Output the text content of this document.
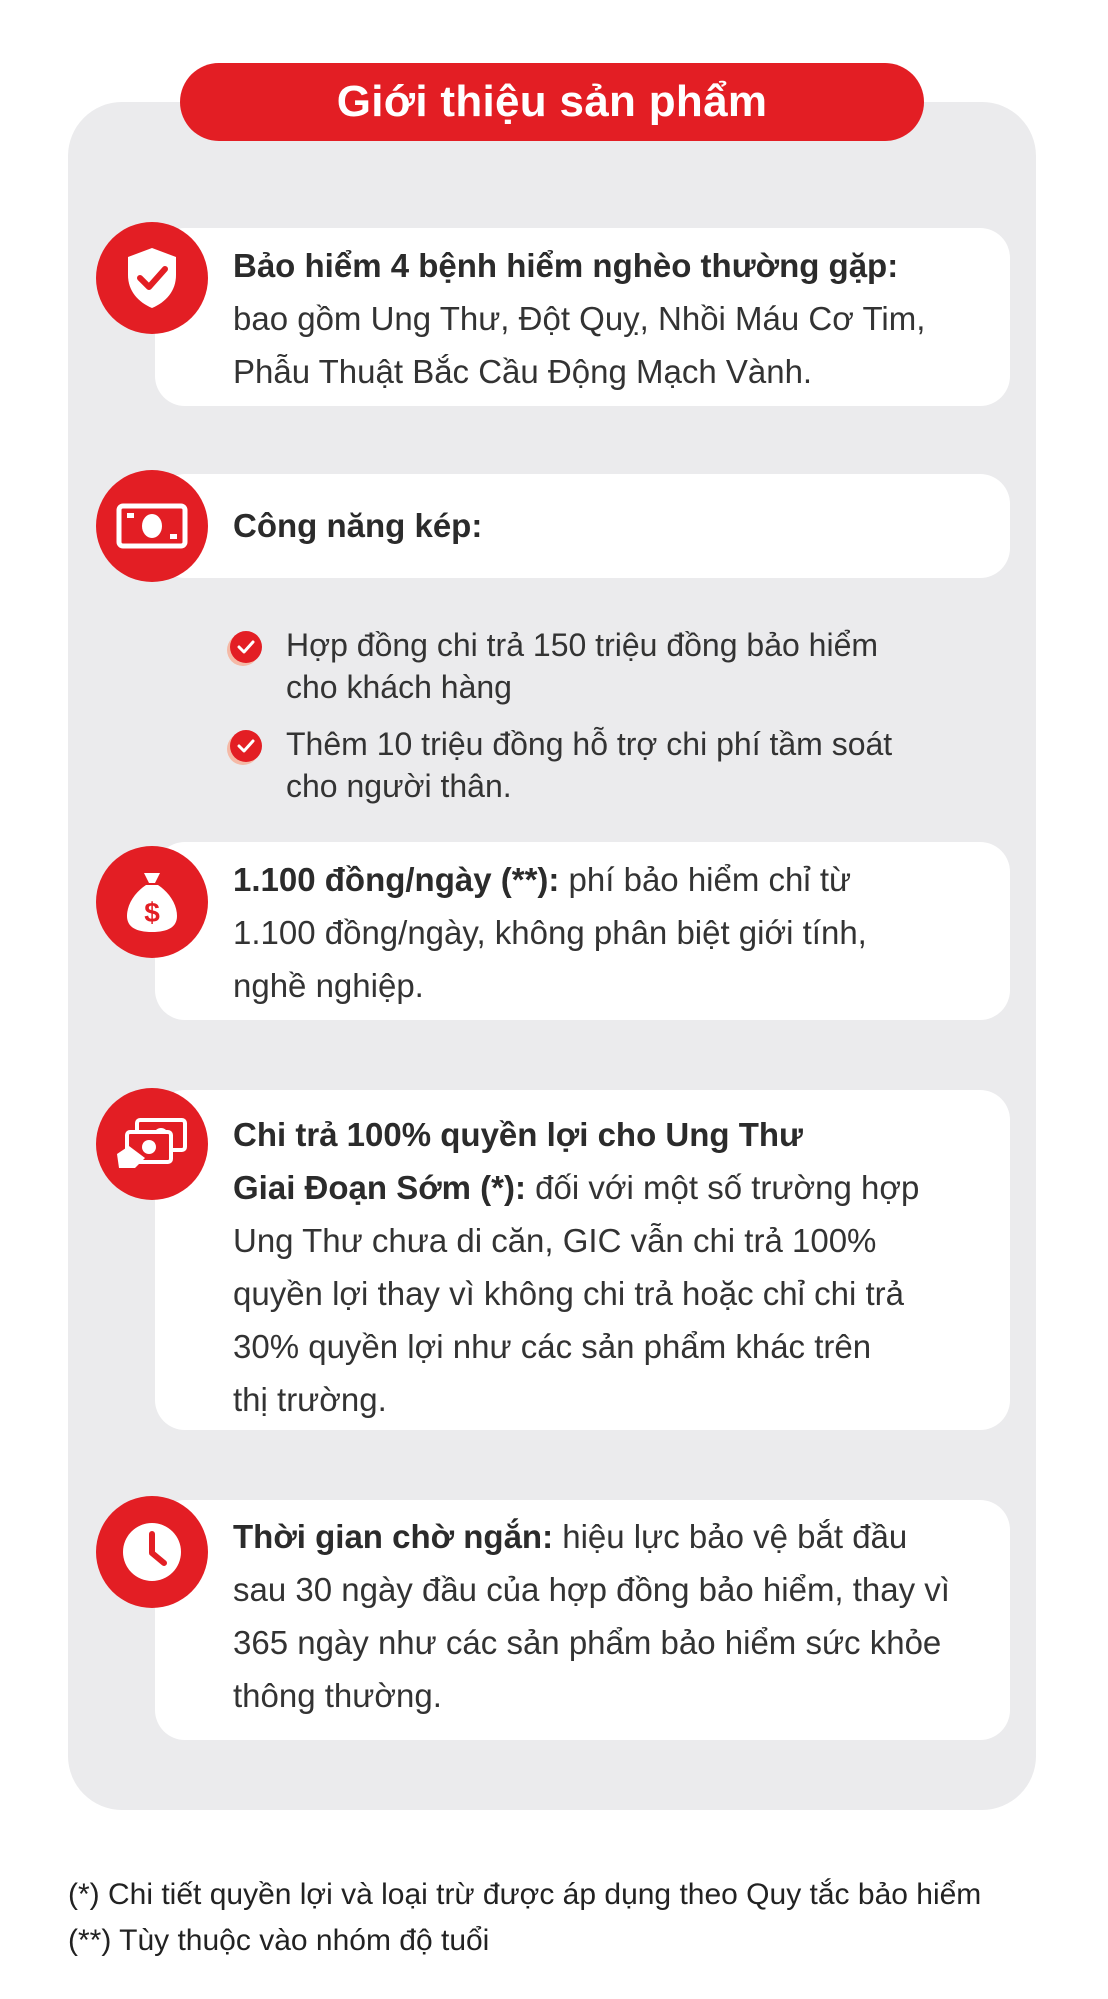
Giới thiệu sản phẩm
Bảo hiểm 4 bệnh hiểm nghèo thường gặp:
bao gồm Ung Thư, Đột Quỵ, Nhồi Máu Cơ Tim,
Phẫu Thuật Bắc Cầu Động Mạch Vành.
Công năng kép:
Hợp đồng chi trả 150 triệu đồng bảo hiểm
cho khách hàng
Thêm 10 triệu đồng hỗ trợ chi phí tầm soát
cho người thân.
1.100 đồng/ngày (**): phí bảo hiểm chỉ từ
1.100 đồng/ngày, không phân biệt giới tính,
nghề nghiệp.
$
Chi trả 100% quyền lợi cho Ung Thư
Giai Đoạn Sớm (*): đối với một số trường hợp
Ung Thư chưa di căn, GIC vẫn chi trả 100%
quyền lợi thay vì không chi trả hoặc chỉ chi trả
30% quyền lợi như các sản phẩm khác trên
thị trường.
Thời gian chờ ngắn: hiệu lực bảo vệ bắt đầu
sau 30 ngày đầu của hợp đồng bảo hiểm, thay vì
365 ngày như các sản phẩm bảo hiểm sức khỏe
thông thường.
(*) Chi tiết quyền lợi và loại trừ được áp dụng theo Quy tắc bảo hiểm
(**) Tùy thuộc vào nhóm độ tuổi
